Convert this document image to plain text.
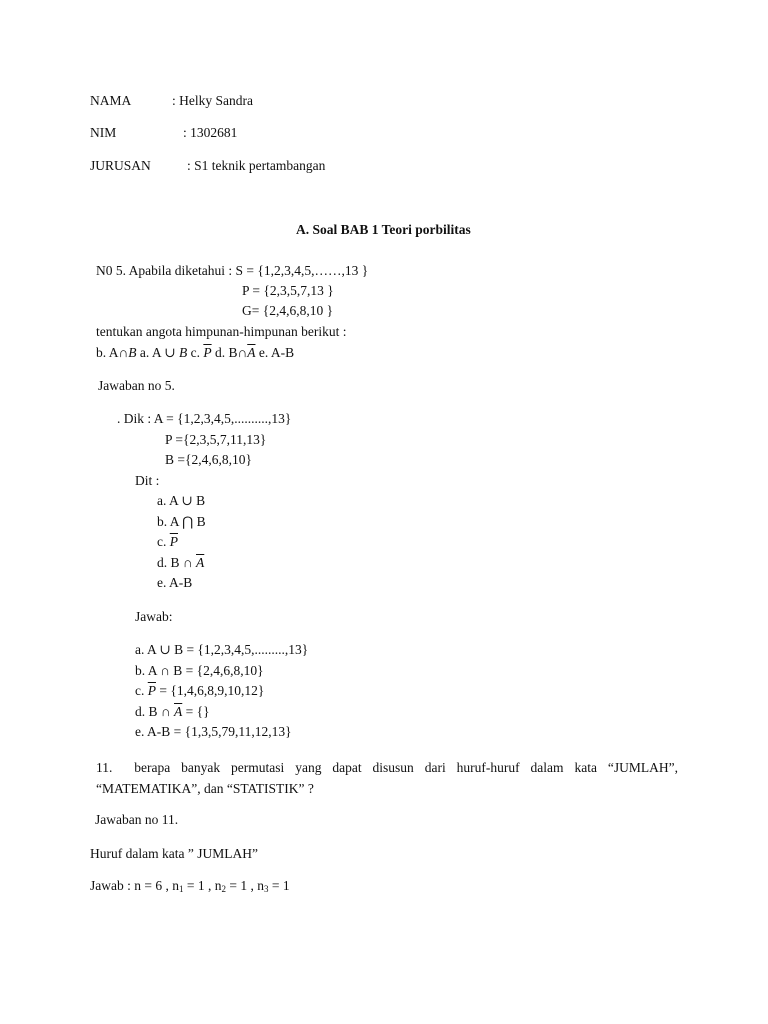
NAMA	: Helky Sandra
NIM	: 1302681
JURUSAN	: S1 teknik pertambangan
A. Soal BAB 1 Teori porbilitas
N0 5. Apabila diketahui : S = {1,2,3,4,5,……,13 }
P = {2,3,5,7,13 }
G= {2,4,6,8,10 }
tentukan angota himpunan-himpunan berikut :
b. A∩B a. A ∪ B c. $\overline{P}$ d. $B\cap\overline{A}$ e. A-B
Jawaban no 5.
. Dik : A = {1,2,3,4,5,..........,13}
P ={2,3,5,7,11,13}
B ={2,4,6,8,10}
Dit :
a. A ∪ B
b. A ⋂ B
c. $\overline{P}$
d. B ∩ $\overline{A}$
e. A-B
Jawab:
a. A ∪ B = {1,2,3,4,5,.........,13}
b. A ∩ B = {2,4,6,8,10}
c. $\overline{P} = \{1,4,6,8,9,10,12\}$
d. B ∩ $\overline{A}$ = {}
e. A-B = {1,3,5,79,11,12,13}
11. berapa banyak permutasi yang dapat disusun dari huruf-huruf dalam kata “JUMLAH”, “MATEMATIKA”, dan “STATISTIK” ?
Jawaban no 11.
Huruf dalam kata ” JUMLAH”
Jawab : n = 6 , $n_1 = 1$ , $n_2 = 1$ , $n_3 = 1$
